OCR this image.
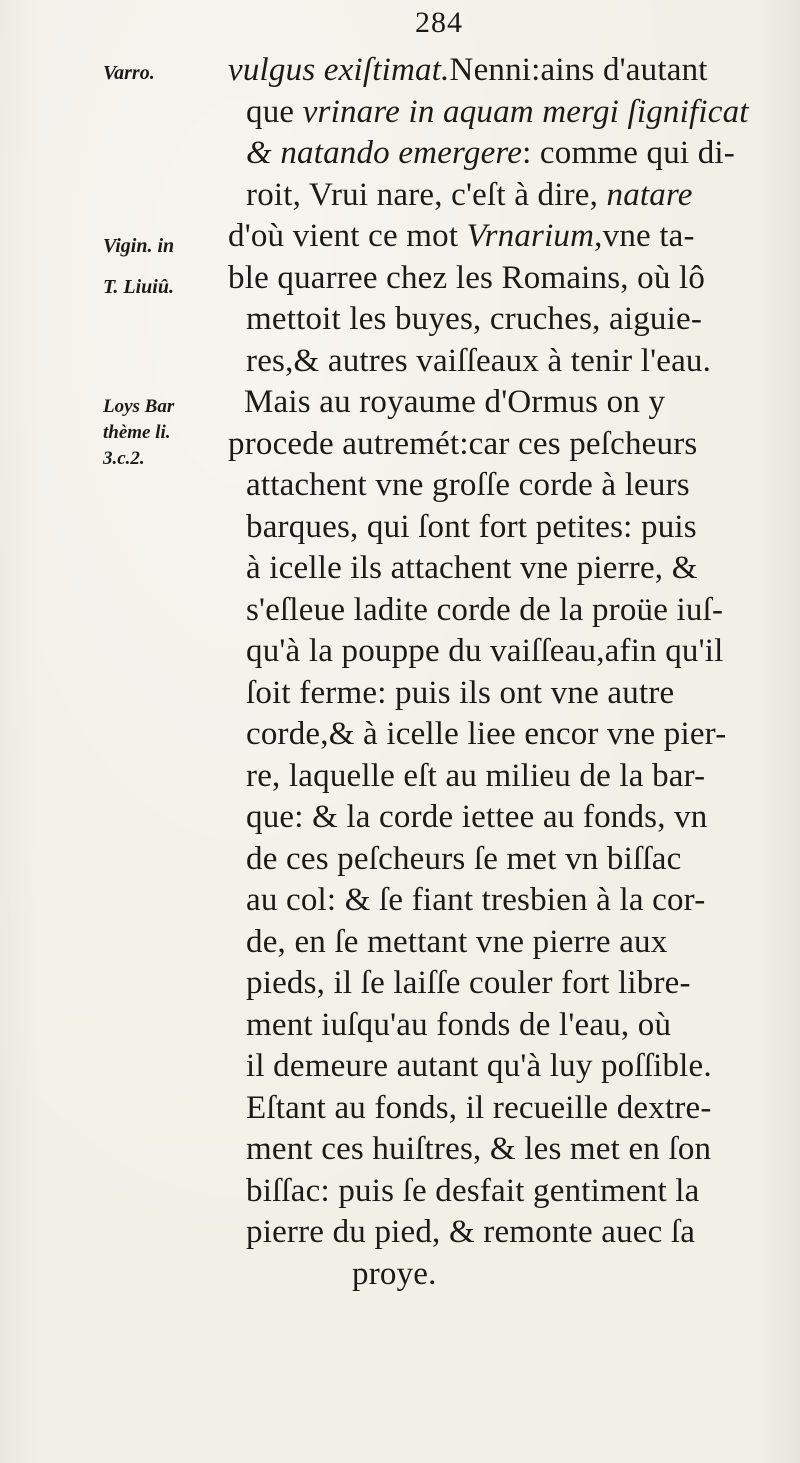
284
Varro.
Vigin. in
T. Liuiû.
Loys Bar
thème li.
3.c.2.
vulgus exiſtimat.Nenni:ains d'autant
que vrinare in aquam mergi ſignificat
& natando emergere: comme qui di-
roit, Vrui nare, c'eſt à dire, natare
d'où vient ce mot Vrnarium,vne ta-
ble quarree chez les Romains, où lô
mettoit les buyes, cruches, aiguie-
res,& autres vaiſſeaux à tenir l'eau.
Mais au royaume d'Ormus on y
procede autremét:car ces peſcheurs
attachent vne groſſe corde à leurs
barques, qui ſont fort petites: puis
à icelle ils attachent vne pierre, &
s'eſleue ladite corde de la proüe iuſ-
qu'à la pouppe du vaiſſeau,afin qu'il
ſoit ferme: puis ils ont vne autre
corde,& à icelle liee encor vne pier-
re, laquelle eſt au milieu de la bar-
que: & la corde iettee au fonds, vn
de ces peſcheurs ſe met vn biſſac
au col: & ſe fiant tresbien à la cor-
de, en ſe mettant vne pierre aux
pieds, il ſe laiſſe couler fort libre-
ment iuſqu'au fonds de l'eau, où
il demeure autant qu'à luy poſſible.
Eſtant au fonds, il recueille dextre-
ment ces huiſtres, & les met en ſon
biſſac: puis ſe desfait gentiment la
pierre du pied, & remonte auec ſa
proye.
